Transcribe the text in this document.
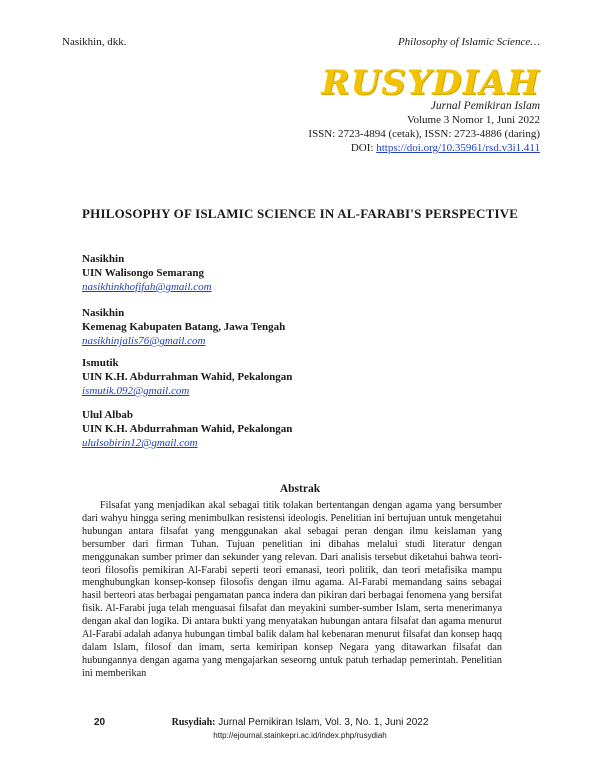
Nasikhin, dkk.	Philosophy of Islamic Science…
RUSYDIAH
Jurnal Pemikiran Islam
Volume 3 Nomor 1, Juni 2022
ISSN: 2723-4894 (cetak), ISSN: 2723-4886 (daring)
DOI: https://doi.org/10.35961/rsd.v3i1.411
PHILOSOPHY OF ISLAMIC SCIENCE IN AL-FARABI'S PERSPECTIVE
Nasikhin
UIN Walisongo Semarang
nasikhinkhofifah@gmail.com
Nasikhin
Kemenag Kabupaten Batang, Jawa Tengah
nasikhinjalis76@gmail.com
Ismutik
UIN K.H. Abdurrahman Wahid, Pekalongan
ismutik.092@gmail.com
Ulul Albab
UIN K.H. Abdurrahman Wahid, Pekalongan
ululsobirin12@gmail.com
Abstrak
Filsafat yang menjadikan akal sebagai titik tolakan bertentangan dengan agama yang bersumber dari wahyu hingga sering menimbulkan resistensi ideologis. Penelitian ini bertujuan untuk mengetahui hubungan antara filsafat yang menggunakan akal sebagai peran dengan ilmu keislaman yang bersumber dari firman Tuhan. Tujuan penelitian ini dibahas melalui studi literatur dengan menggunakan sumber primer dan sekunder yang relevan. Dari analisis tersebut diketahui bahwa teori-teori filosofis pemikiran Al-Farabi seperti teori emanasi, teori politik, dan teori metafisika mampu menghubungkan konsep-konsep filosofis dengan ilmu agama. Al-Farabi memandang sains sebagai hasil berteori atas berbagai pengamatan panca indera dan pikiran dari berbagai fenomena yang bersifat fisik. Al-Farabi juga telah menguasai filsafat dan meyakini sumber-sumber Islam, serta menerimanya dengan akal dan logika. Di antara bukti yang menyatakan hubungan antara filsafat dan agama menurut Al-Farabi adalah adanya hubungan timbal balik dalam hal kebenaran menurut filsafat dan konsep haqq dalam Islam, filosof dan imam, serta kemiripan konsep Negara yang ditawarkan filsafat dan hubungannya dengan agama yang mengajarkan seseorng untuk patuh terhadap pemerintah. Penelitian ini memberikan
20	Rusydiah: Jurnal Pemikiran Islam, Vol. 3, No. 1, Juni 2022
http://ejournal.stainkepri.ac.id/index.php/rusydiah
